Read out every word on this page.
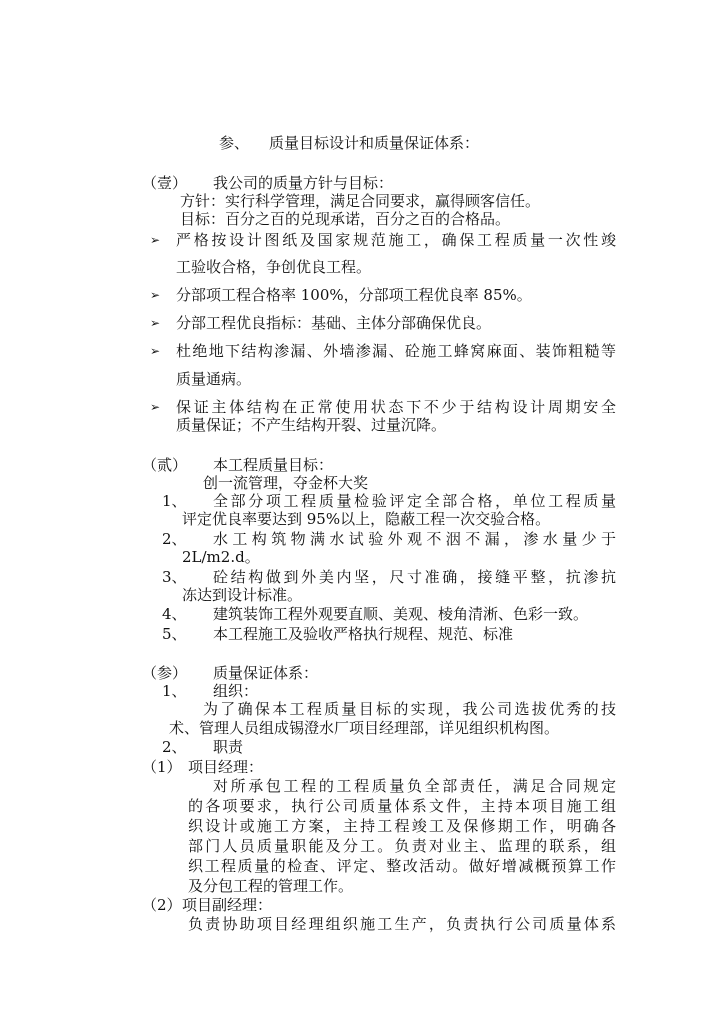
参、 质量目标设计和质量保证体系：
（壹） 我公司的质量方针与目标：
方针：实行科学管理，满足合同要求，赢得顾客信任。
目标：百分之百的兑现承诺，百分之百的合格品。
➢ 严格按设计图纸及国家规范施工，确保工程质量一次性竣
工验收合格，争创优良工程。
➢ 分部项工程合格率 100%，分部项工程优良率 85%。
➢ 分部工程优良指标：基础、主体分部确保优良。
➢ 杜绝地下结构渗漏、外墙渗漏、砼施工蜂窝麻面、装饰粗糙等
质量通病。
➢ 保证主体结构在正常使用状态下不少于结构设计周期安全
质量保证；不产生结构开裂、过量沉降。
（贰） 本工程质量目标：
创一流管理，夺金杯大奖
1、 全部分项工程质量检验评定全部合格，单位工程质量
评定优良率要达到 95%以上，隐蔽工程一次交验合格。
2、 水工构筑物满水试验外观不洇不漏，渗水量少于
2L/m2.d。
3、 砼结构做到外美内坚，尺寸准确，接缝平整，抗渗抗
冻达到设计标准。
4、 建筑装饰工程外观要直顺、美观、棱角清淅、色彩一致。
5、 本工程施工及验收严格执行规程、规范、标准
（参） 质量保证体系：
1、 组织：
为了确保本工程质量目标的实现，我公司选拔优秀的技
术、管理人员组成锡澄水厂项目经理部，详见组织机构图。
2、 职责
（1） 项目经理：
对所承包工程的工程质量负全部责任，满足合同规定
的各项要求，执行公司质量体系文件，主持本项目施工组
织设计或施工方案，主持工程竣工及保修期工作，明确各
部门人员质量职能及分工。负责对业主、监理的联系，组
织工程质量的检查、评定、整改活动。做好增减概预算工作
及分包工程的管理工作。
（2） 项目副经理：
负责协助项目经理组织施工生产，负责执行公司质量体系
